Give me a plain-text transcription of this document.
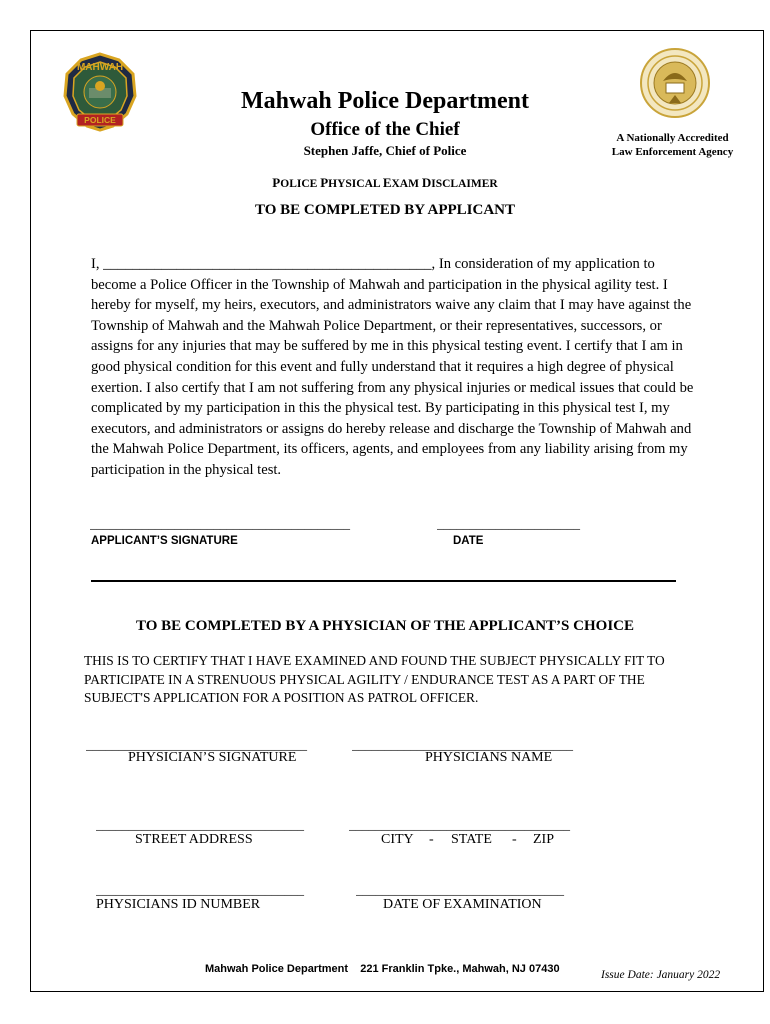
MAHWAH
POLICE
Mahwah Police Department
Office of the Chief
Stephen Jaffe, Chief of Police
A Nationally Accredited
Law Enforcement Agency
POLICE PHYSICAL EXAM DISCLAIMER
TO BE COMPLETED BY APPLICANT
I, _____________________________________________, In consideration of my application to become a Police Officer in the Township of Mahwah and participation in the physical agility test. I hereby for myself, my heirs, executors, and administrators waive any claim that I may have against the Township of Mahwah and the Mahwah Police Department, or their representatives, successors, or assigns for any injuries that may be suffered by me in this physical testing event. I certify that I am in good physical condition for this event and fully understand that it requires a high degree of physical exertion. I also certify that I am not suffering from any physical injuries or medical issues that could be complicated by my participation in this the physical test. By participating in this physical test I, my executors, and administrators or assigns do hereby release and discharge the Township of Mahwah and the Mahwah Police Department, its officers, agents, and employees from any liability arising from my participation in the physical test.
________________________________________	______________________
APPLICANT’S SIGNATURE	DATE
TO BE COMPLETED BY A PHYSICIAN OF THE APPLICANT’S CHOICE
THIS IS TO CERTIFY THAT I HAVE EXAMINED AND FOUND THE SUBJECT PHYSICALLY FIT TO PARTICIPATE IN A STRENUOUS PHYSICAL AGILITY / ENDURANCE TEST AS A PART OF THE SUBJECT'S APPLICATION FOR A POSITION AS PATROL OFFICER.
__________________________________	__________________________________
PHYSICIAN’S SIGNATURE	PHYSICIANS NAME
________________________________	__________________________________
STREET ADDRESS	CITY - STATE - ZIP
________________________________	________________________________
PHYSICIANS ID NUMBER	DATE OF EXAMINATION
Mahwah Police Department    221 Franklin Tpke., Mahwah, NJ 07430	Issue Date: January 2022
